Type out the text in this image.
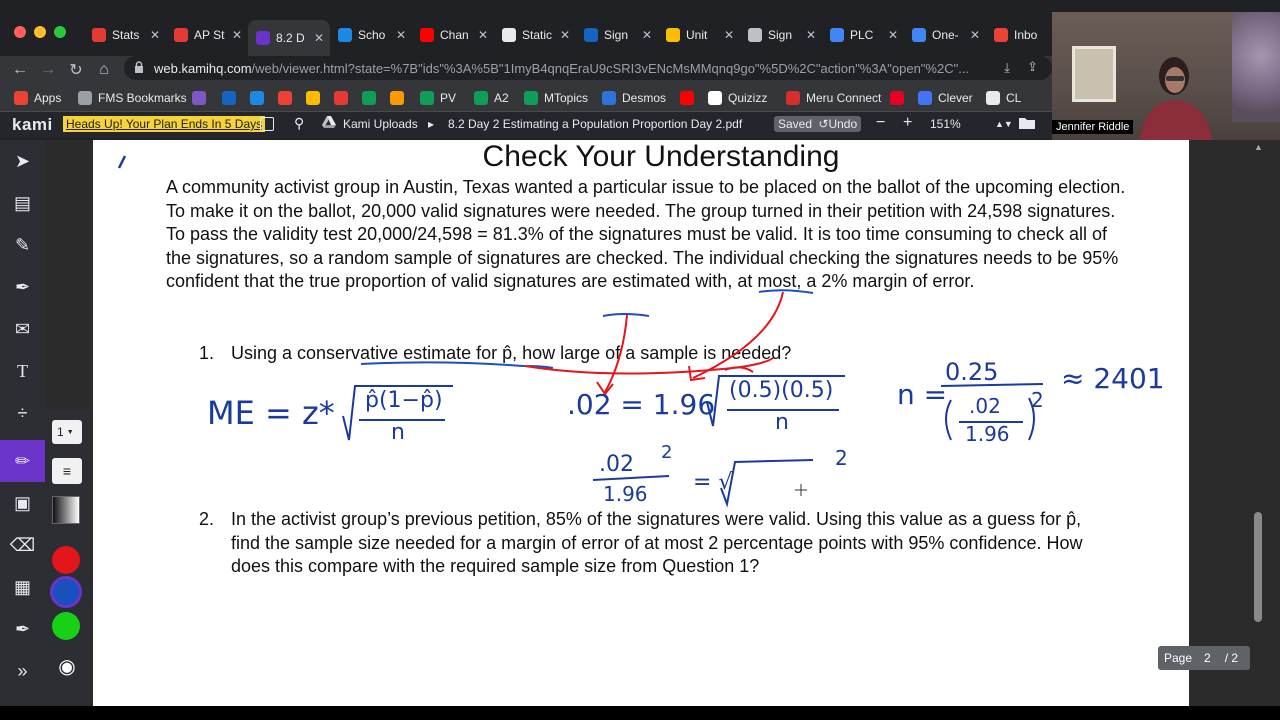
Stats ✕	AP St ✕	8.2 D ✕	Scho ✕	Chan ✕	Static ✕	Sign ✕	Unit ✕	Sign ✕	PLC ✕	One- ✕	Inbo
← → ↻	⌂	web.kamihq.com /web/viewer.html?state=%7B"ids"%3A%5B"1ImyB4qnqEraU9cSRI3vENcMsMMqnq9go"%5D%2C"action"%3A"open"%2C"...	⤓ ⇪
Apps	FMS Bookmarks	PV	A2	MTopics	Desmos	Quizizz	Meru Connect	Clever	CL
kami Heads Up! Your Plan Ends In 5 Days ⚲	Kami Uploads ▸ 8.2 Day 2 Estimating a Population Proportion Day 2.pdf	Saved ↺Undo − + 151%	▲▼	Jennifer Riddle
Check Your Understanding
A community activist group in Austin, Texas wanted a particular issue to be placed on the ballot of the upcoming election. To make it on the ballot, 20,000 valid signatures were needed. The group turned in their petition with 24,598 signatures. To pass the validity test 20,000/24,598 = 81.3% of the signatures must be valid. It is too time consuming to check all of the signatures, so a random sample of signatures are checked. The individual checking the signatures needs to be 95% confident that the true proportion of valid signatures are estimated with, at most, a 2% margin of error.
1. Using a conservative estimate for p̂, how large of a sample is needed?
2. In the activist group’s previous petition, 85% of the signatures were valid. Using this value as a guess for p̂, find the sample size needed for a margin of error of at most 2 percentage points with 95% confidence. How does this compare with the required sample size from Question 1?
ME = z* p̂(1−p̂)
n
.02 = 1.96 (0.5)(0.5)
n
n =
0.25
.02
1.96
2
≈ 2401
.02 2
1.96 = √
2
➤
▤
✎
✒
✉
T
÷
✏
▣
⌫
▦
✒
»
1 ▼
≡
◉
▲
Page 2 / 2
